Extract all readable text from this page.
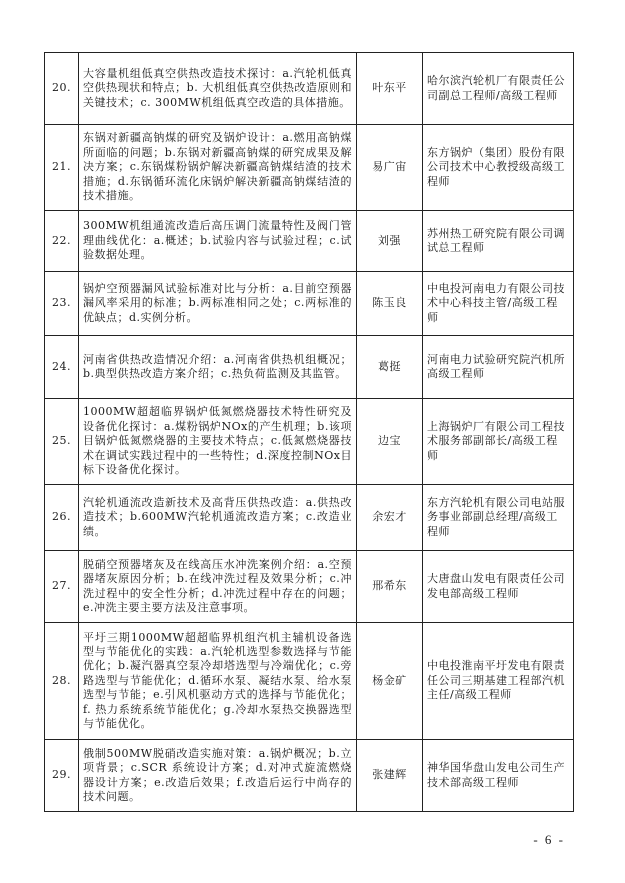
20.	大容量机组低真空供热改造技术探讨：a.汽轮机低真空供热现状和特点；b. 大机组低真空供热改造原则和关键技术；c. 300MW机组低真空改造的具体措施。	叶东平	哈尔滨汽轮机厂有限责任公司副总工程师/高级工程师
21.	东锅对新疆高钠煤的研究及锅炉设计：a.燃用高钠煤所面临的问题；b.东锅对新疆高钠煤的研究成果及解决方案；c.东锅煤粉锅炉解决新疆高钠煤结渣的技术措施；d.东锅循环流化床锅炉解决新疆高钠煤结渣的技术措施。	易广宙	东方锅炉（集团）股份有限公司技术中心教授级高级工程师
22.	300MW机组通流改造后高压调门流量特性及阀门管理曲线优化：a.概述；b.试验内容与试验过程；c.试验数据处理。	刘强	苏州热工研究院有限公司调试总工程师
23.	锅炉空预器漏风试验标准对比与分析：a.目前空预器漏风率采用的标准；b.两标准相同之处；c.两标准的优缺点；d.实例分析。	陈玉良	中电投河南电力有限公司技术中心科技主管/高级工程师
24.	河南省供热改造情况介绍：a.河南省供热机组概况；b.典型供热改造方案介绍；c.热负荷监测及其监管。	葛挺	河南电力试验研究院汽机所高级工程师
25.	1000MW超超临界锅炉低氮燃烧器技术特性研究及设备优化探讨：a.煤粉锅炉NOx的产生机理；b.该项目锅炉低氮燃烧器的主要技术特点；c.低氮燃烧器技术在调试实践过程中的一些特性；d.深度控制NOx目标下设备优化探讨。	边宝	上海锅炉厂有限公司工程技术服务部副部长/高级工程师
26.	汽轮机通流改造新技术及高背压供热改造：a.供热改造技术；b.600MW汽轮机通流改造方案；c.改造业绩。	余宏才	东方汽轮机有限公司电站服务事业部副总经理/高级工程师
27.	脱硝空预器堵灰及在线高压水冲洗案例介绍：a.空预器堵灰原因分析；b.在线冲洗过程及效果分析；c.冲洗过程中的安全性分析；d.冲洗过程中存在的问题；e.冲洗主要主要方法及注意事项。	邢希东	大唐盘山发电有限责任公司发电部高级工程师
28.	平圩三期1000MW超超临界机组汽机主辅机设备选型与节能优化的实践：a.汽轮机选型参数选择与节能优化；b.凝汽器真空泵冷却塔选型与冷端优化；c.旁路选型与节能优化；d.循环水泵、凝结水泵、给水泵选型与节能；e.引风机驱动方式的选择与节能优化；f. 热力系统系统节能优化；g.冷却水泵热交换器选型与节能优化。	杨金矿	中电投淮南平圩发电有限责任公司三期基建工程部汽机主任/高级工程师
29.	俄制500MW脱硝改造实施对策：a.锅炉概况；b.立项背景；c.SCR 系统设计方案；d.对冲式旋流燃烧器设计方案；e.改造后效果；f.改造后运行中尚存的技术问题。	张建辉	神华国华盘山发电公司生产技术部高级工程师
- 6 -
